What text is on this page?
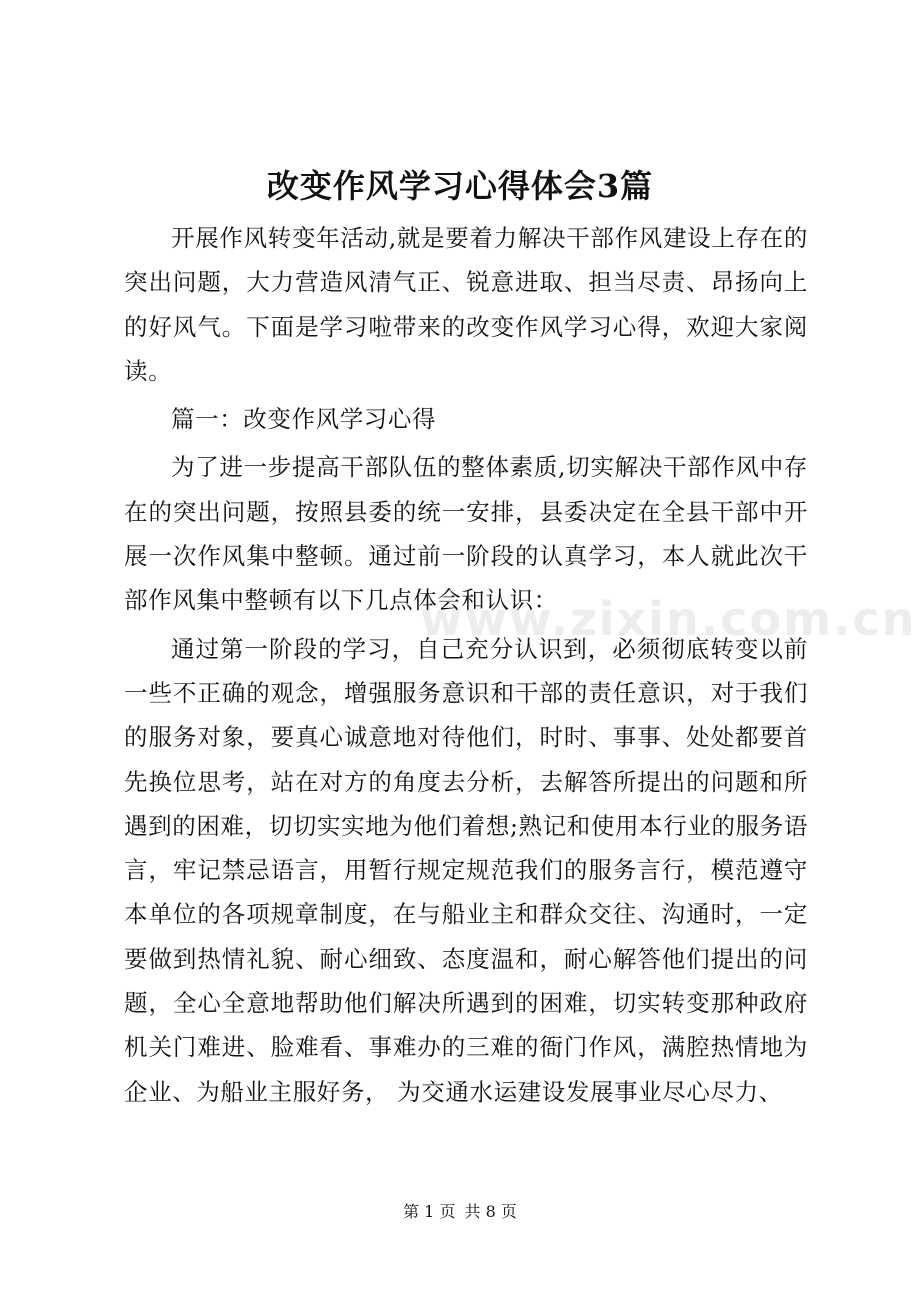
改变作风学习心得体会3篇

开展作风转变年活动,就是要着力解决干部作风建设上存在的突出问题，大力营造风清气正、锐意进取、担当尽责、昂扬向上的好风气。下面是学习啦带来的改变作风学习心得，欢迎大家阅读。

篇一：改变作风学习心得

为了进一步提高干部队伍的整体素质,切实解决干部作风中存在的突出问题，按照县委的统一安排，县委决定在全县干部中开展一次作风集中整顿。通过前一阶段的认真学习，本人就此次干部作风集中整顿有以下几点体会和认识：

通过第一阶段的学习，自己充分认识到，必须彻底转变以前一些不正确的观念，增强服务意识和干部的责任意识，对于我们的服务对象，要真心诚意地对待他们，时时、事事、处处都要首先换位思考，站在对方的角度去分析，去解答所提出的问题和所遇到的困难，切切实实地为他们着想;熟记和使用本行业的服务语言，牢记禁忌语言，用暂行规定规范我们的服务言行，模范遵守本单位的各项规章制度，在与船业主和群众交往、沟通时，一定要做到热情礼貌、耐心细致、态度温和，耐心解答他们提出的问题，全心全意地帮助他们解决所遇到的困难，切实转变那种政府机关门难进、脸难看、事难办的三难的衙门作风，满腔热情地为企业、为船业主服好务， 为交通水运建设发展事业尽心尽力、

www.zixin.com.cn
第 1 页 共 8 页
